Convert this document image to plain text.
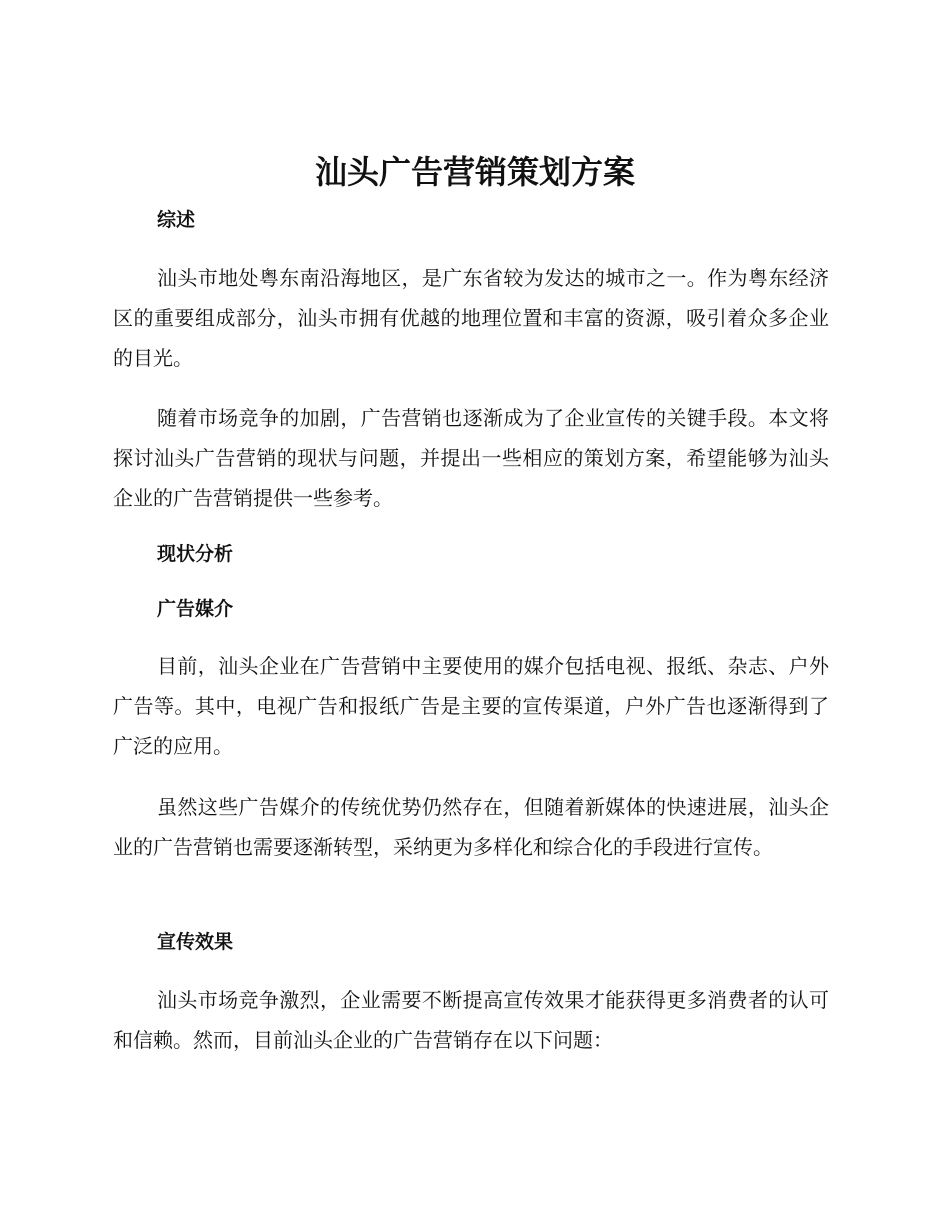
汕头广告营销策划方案
综述

汕头市地处粤东南沿海地区，是广东省较为发达的城市之一。作为粤东经济区的重要组成部分，汕头市拥有优越的地理位置和丰富的资源，吸引着众多企业的目光。

随着市场竞争的加剧，广告营销也逐渐成为了企业宣传的关键手段。本文将探讨汕头广告营销的现状与问题，并提出一些相应的策划方案，希望能够为汕头企业的广告营销提供一些参考。

现状分析
广告媒介

目前，汕头企业在广告营销中主要使用的媒介包括电视、报纸、杂志、户外广告等。其中，电视广告和报纸广告是主要的宣传渠道，户外广告也逐渐得到了广泛的应用。

虽然这些广告媒介的传统优势仍然存在，但随着新媒体的快速进展，汕头企业的广告营销也需要逐渐转型，采纳更为多样化和综合化的手段进行宣传。

宣传效果

汕头市场竞争激烈，企业需要不断提高宣传效果才能获得更多消费者的认可和信赖。然而，目前汕头企业的广告营销存在以下问题：
